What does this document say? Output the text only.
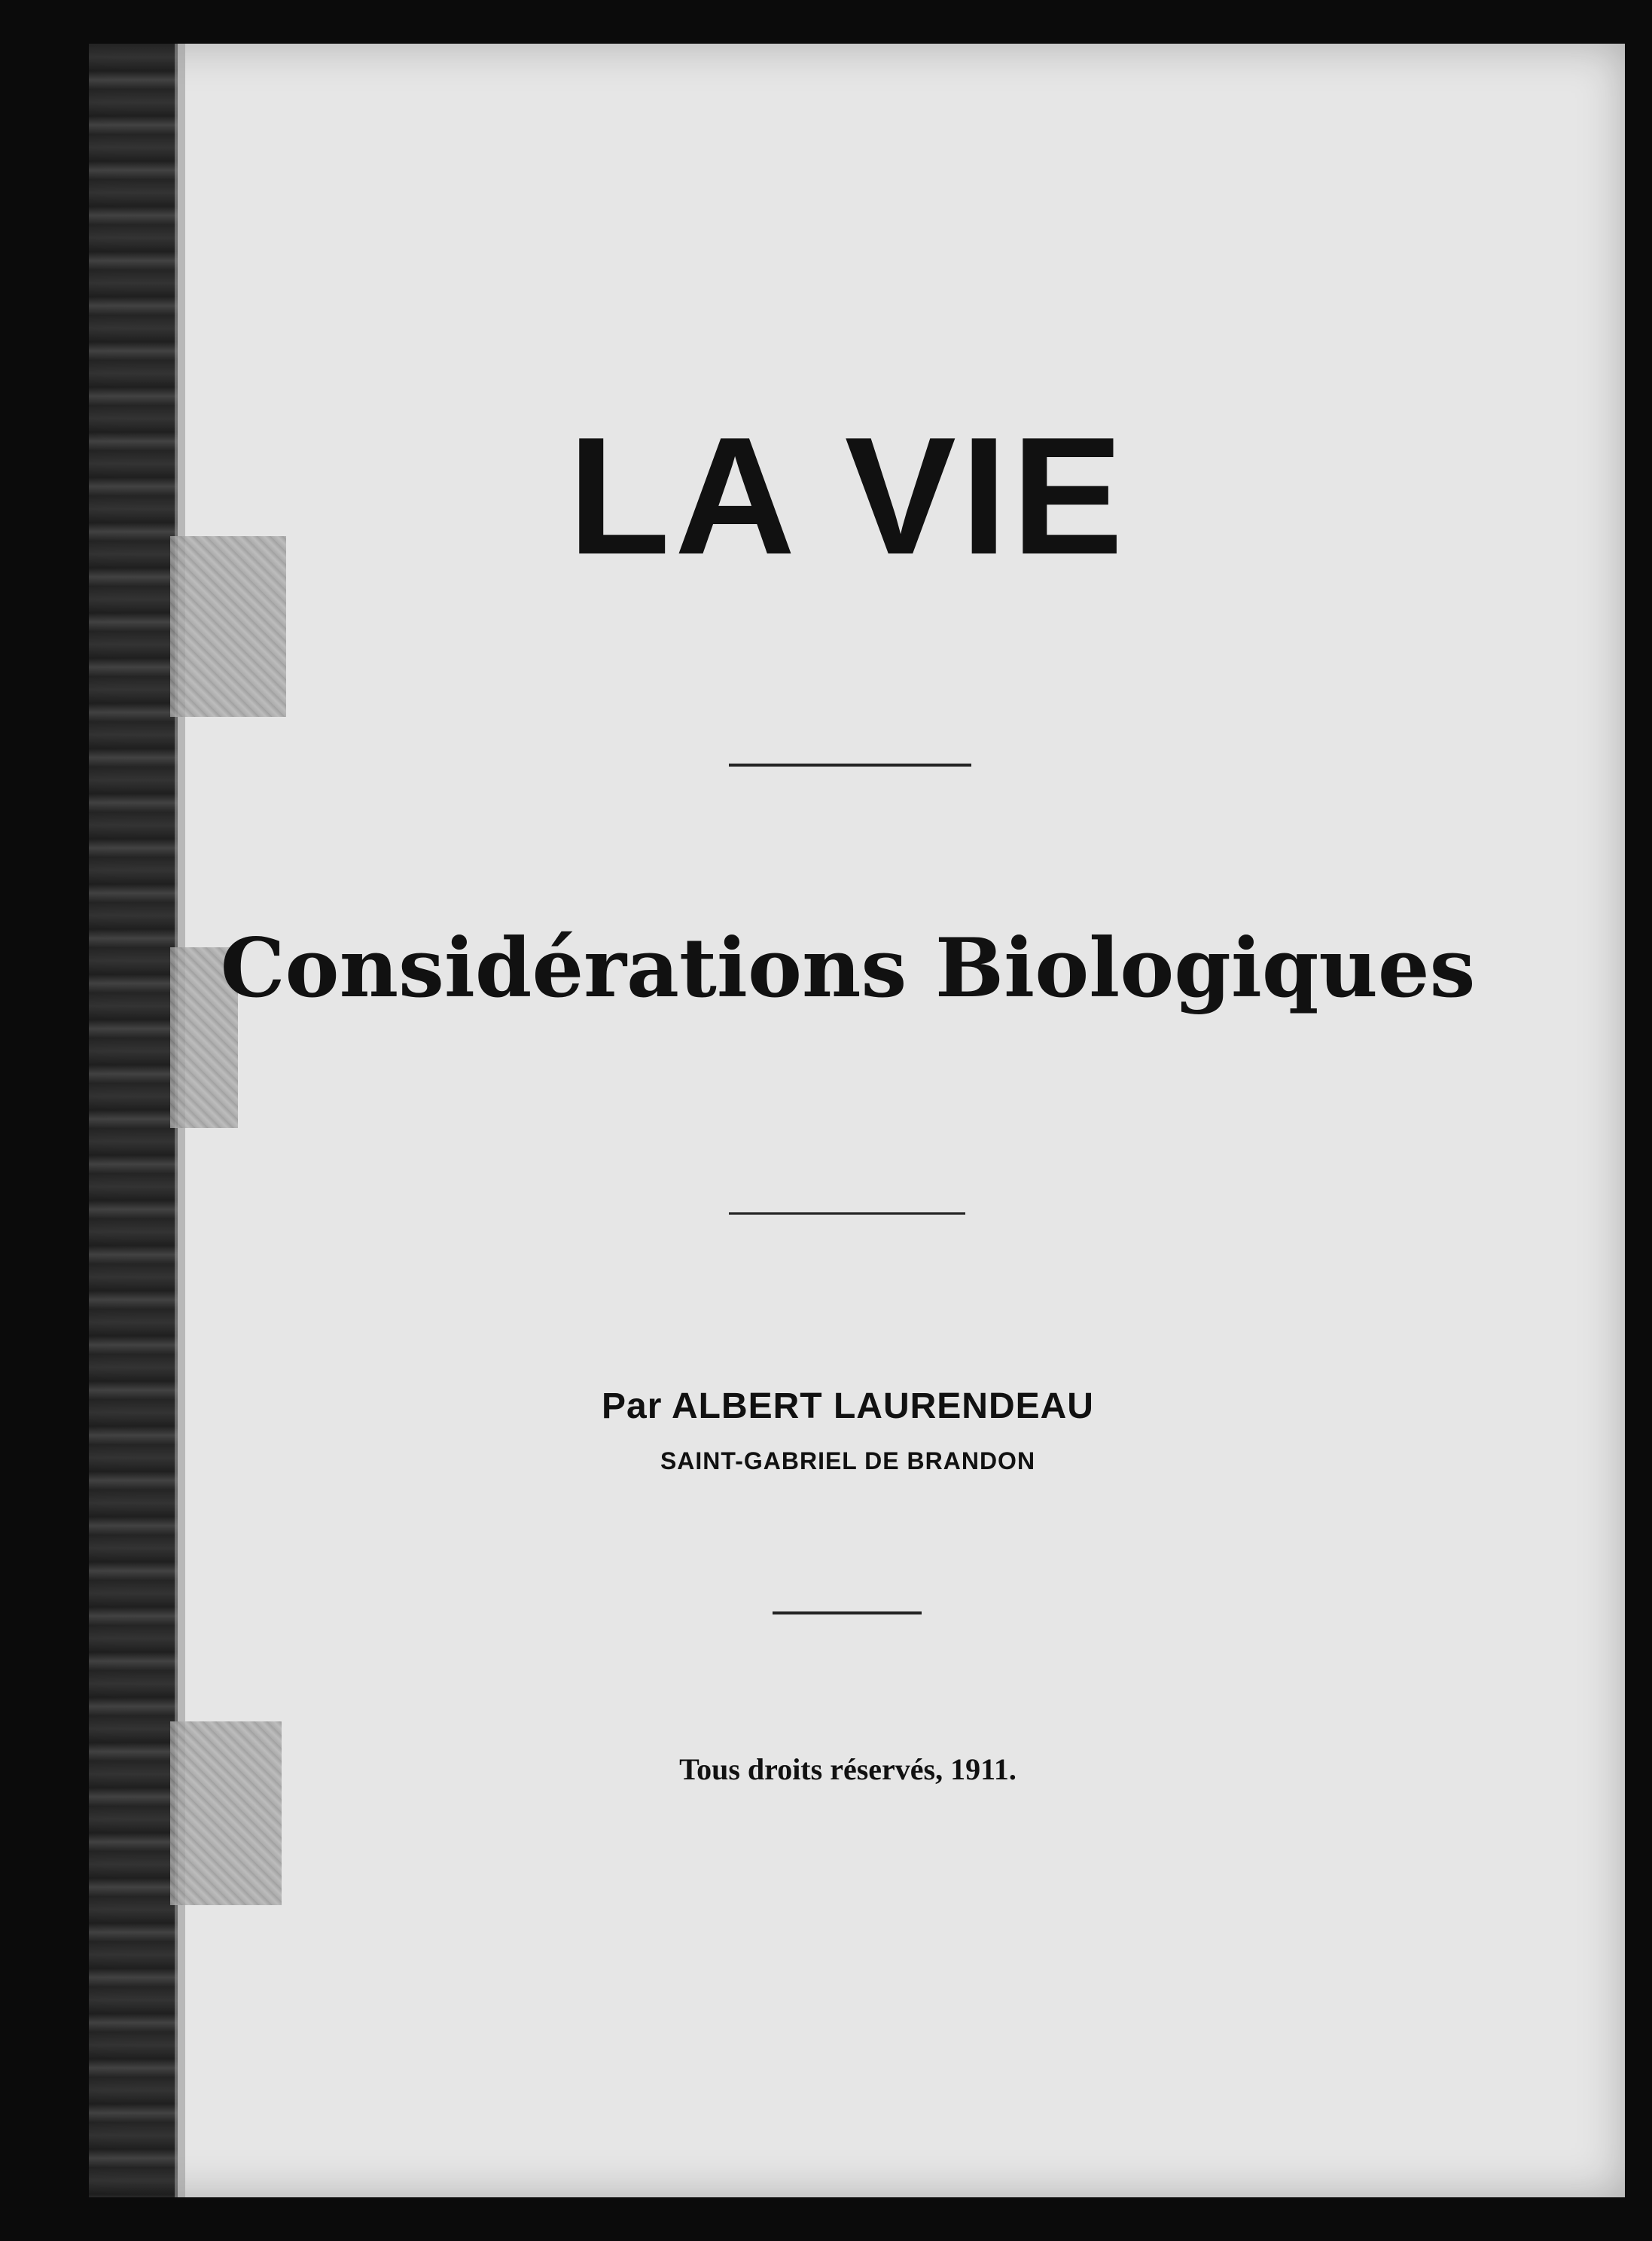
LA VIE
Considérations Biologiques

Par ALBERT LAURENDEAU

SAINT-GABRIEL DE BRANDON

Tous droits réservés, 1911.
